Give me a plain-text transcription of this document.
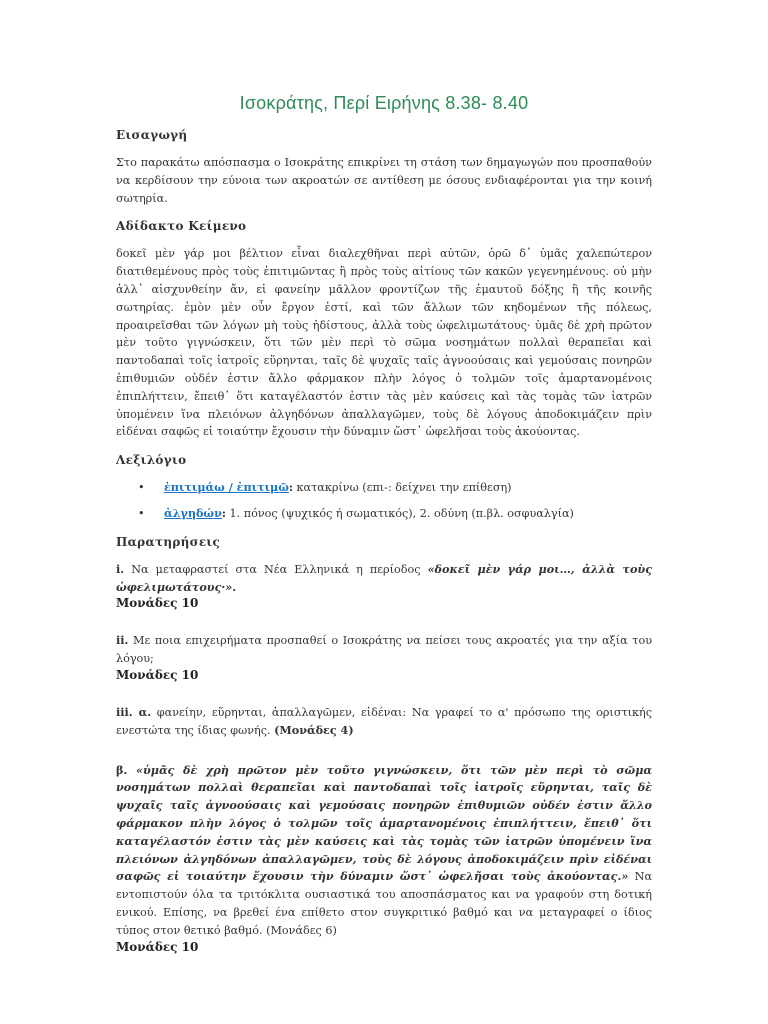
Ισοκράτης, Περί Ειρήνης 8.38- 8.40
Εισαγωγή

Στο παρακάτω απόσπασμα ο Ισοκράτης επικρίνει τη στάση των δημαγωγών που προσπαθούν να κερδίσουν την εύνοια των ακροατών σε αντίθεση με όσους ενδιαφέρονται για την κοινή σωτηρία.

Αδίδακτο Κείμενο

δοκεῖ μὲν γάρ μοι βέλτιον εἶναι διαλεχθῆναι περὶ αὐτῶν, ὁρῶ δ᾽ ὑμᾶς χαλεπώτερον διατιθεμένους πρὸς τοὺς ἐπιτιμῶντας ἢ πρὸς τοὺς αἰτίους τῶν κακῶν γεγενημένους. οὐ μὴν ἀλλ᾽ αἰσχυνθείην ἄν, εἰ φανείην μᾶλλον φροντίζων τῆς ἐμαυτοῦ δόξης ἢ τῆς κοινῆς σωτηρίας. ἐμὸν μὲν οὖν ἔργον ἐστί, καὶ τῶν ἄλλων τῶν κηδομένων τῆς πόλεως, προαιρεῖσθαι τῶν λόγων μὴ τοὺς ἡδίστους, ἀλλὰ τοὺς ὠφελιμωτάτους· ὑμᾶς δὲ χρὴ πρῶτον μὲν τοῦτο γιγνώσκειν, ὅτι τῶν μὲν περὶ τὸ σῶμα νοσημάτων πολλαὶ θεραπεῖαι καὶ παντοδαπαὶ τοῖς ἰατροῖς εὕρηνται, ταῖς δὲ ψυχαῖς ταῖς ἀγνοούσαις καὶ γεμούσαις πονηρῶν ἐπιθυμιῶν οὐδέν ἐστιν ἄλλο φάρμακον πλὴν λόγος ὁ τολμῶν τοῖς ἁμαρτανομένοις ἐπιπλήττειν, ἔπειθ᾽ ὅτι καταγέλαστόν ἐστιν τὰς μὲν καύσεις καὶ τὰς τομὰς τῶν ἰατρῶν ὑπομένειν ἵνα πλειόνων ἀλγηδόνων ἀπαλλαγῶμεν, τοὺς δὲ λόγους ἀποδοκιμάζειν πρὶν εἰδέναι σαφῶς εἰ τοιαύτην ἔχουσιν τὴν δύναμιν ὥστ᾽ ὠφελῆσαι τοὺς ἀκούοντας.

Λεξιλόγιο
• ἐπιτιμάω / ἐπιτιμῶ: κατακρίνω (επι-: δείχνει την επίθεση)
• ἀλγηδών: 1. πόνος (ψυχικός ή σωματικός), 2. οδύνη (π.βλ. οσφυαλγία)
Παρατηρήσεις

i. Να μεταφραστεί στα Νέα Ελληνικά η περίοδος «δοκεῖ μὲν γάρ μοι…, ἀλλὰ τοὺς ὠφελιμωτάτους·».

Μονάδες 10

ii. Με ποια επιχειρήματα προσπαθεί ο Ισοκράτης να πείσει τους ακροατές για την αξία του λόγου;

Μονάδες 10

iii. α. φανείην, εὕρηνται, ἀπαλλαγῶμεν, εἰδέναι: Να γραφεί το α' πρόσωπο της οριστικής ενεστώτα της ίδιας φωνής. (Μονάδες 4)

β. «ὑμᾶς δὲ χρὴ πρῶτον μὲν τοῦτο γιγνώσκειν, ὅτι τῶν μὲν περὶ τὸ σῶμα νοσημάτων πολλαὶ θεραπεῖαι καὶ παντοδαπαὶ τοῖς ἰατροῖς εὕρηνται, ταῖς δὲ ψυχαῖς ταῖς ἀγνοούσαις καὶ γεμούσαις πονηρῶν ἐπιθυμιῶν οὐδέν ἐστιν ἄλλο φάρμακον πλὴν λόγος ὁ τολμῶν τοῖς ἁμαρτανομένοις ἐπιπλήττειν, ἔπειθ᾽ ὅτι καταγέλαστόν ἐστιν τὰς μὲν καύσεις καὶ τὰς τομὰς τῶν ἰατρῶν ὑπομένειν ἵνα πλειόνων ἀλγηδόνων ἀπαλλαγῶμεν, τοὺς δὲ λόγους ἀποδοκιμάζειν πρὶν εἰδέναι σαφῶς εἰ τοιαύτην ἔχουσιν τὴν δύναμιν ὥστ᾽ ὠφελῆσαι τοὺς ἀκούοντας.» Να εντοπιστούν όλα τα τριτόκλιτα ουσιαστικά του αποσπάσματος και να γραφούν στη δοτική ενικού. Επίσης, να βρεθεί ένα επίθετο στον συγκριτικό βαθμό και να μεταγραφεί ο ίδιος τύπος στον θετικό βαθμό. (Μονάδες 6)

Μονάδες 10
